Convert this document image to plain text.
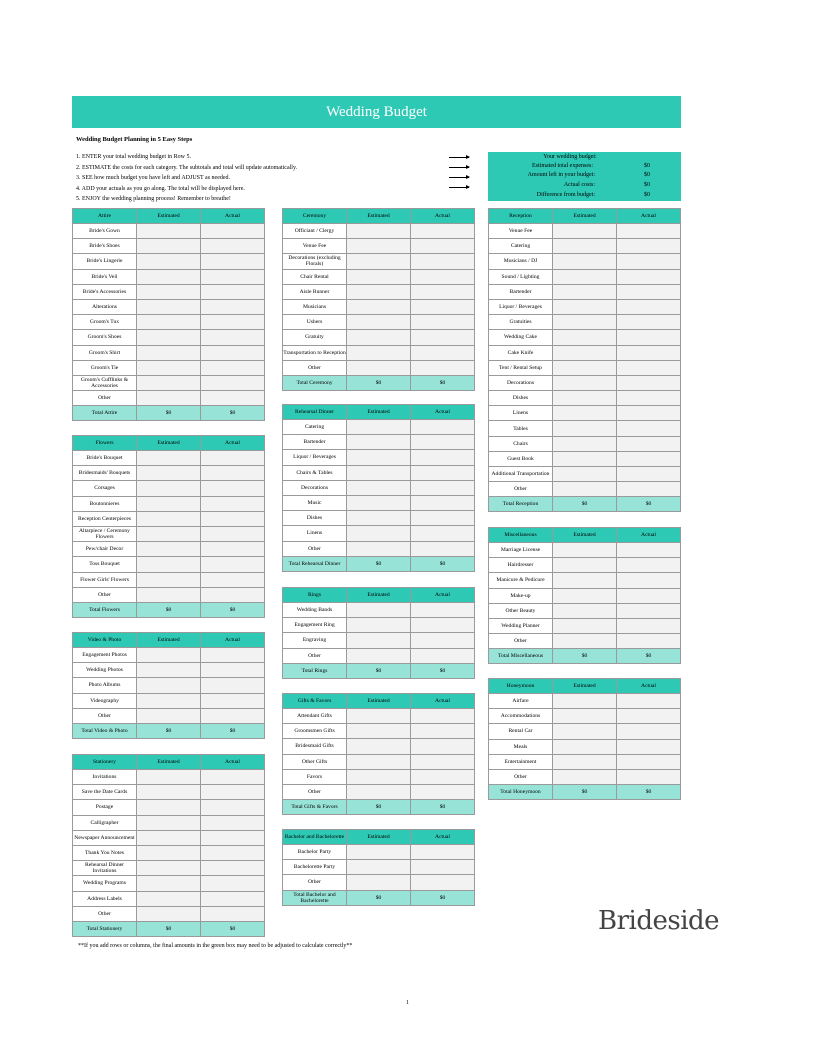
Wedding Budget
Wedding Budget Planning in 5 Easy Steps
1. ENTER your total wedding budget in Row 5.
2. ESTIMATE the costs for each category. The subtotals and total will update automatically.
3. SEE how much budget you have left and ADJUST as needed.
4. ADD your actuals as you go along. The total will be displayed here.
5. ENJOY the wedding planning process! Remember to breathe!
Your wedding budget:
Estimated total expenses:	$0
Amount left in your budget:	$0
Actual costs:	$0
Difference from budget:	$0
Attire	Estimated	Actual
Bride's Gown		
Bride's Shoes		
Bride's Lingerie		
Bride's Veil		
Bride's Accessories		
Alterations		
Groom's Tux		
Groom's Shoes		
Groom's Shirt		
Groom's Tie		
Groom's Cufflinks & Accessories		
Other		
Total Attire	$0	$0
Flowers	Estimated	Actual
Bride's Bouquet		
Bridesmaids' Bouquets		
Corsages		
Boutonnieres		
Reception Centerpieces		
Altarpiece / Ceremony Flowers		
Pew/chair Decor		
Toss Bouquet		
Flower Girls' Flowers		
Other		
Total Flowers	$0	$0
Video & Photo	Estimated	Actual
Engagement Photos		
Wedding Photos		
Photo Albums		
Videography		
Other		
Total Video & Photo	$0	$0
Stationery	Estimated	Actual
Invitations		
Save the Date Cards		
Postage		
Calligrapher		
Newspaper Announcement		
Thank You Notes		
Rehearsal Dinner Invitations		
Wedding Programs		
Address Labels		
Other		
Total Stationery	$0	$0
Ceremony	Estimated	Actual
Officiant / Clergy		
Venue Fee		
Decorations (excluding Florals)		
Chair Rental		
Aisle Runner		
Musicians		
Ushers		
Gratuity		
Transportation to Reception		
Other		
Total Ceremony	$0	$0
Rehearsal Dinner	Estimated	Actual
Catering		
Bartender		
Liquor / Beverages		
Chairs & Tables		
Decorations		
Music		
Dishes		
Linens		
Other		
Total Rehearsal Dinner	$0	$0
Rings	Estimated	Actual
Wedding Bands		
Engagement Ring		
Engraving		
Other		
Total Rings	$0	$0
Gifts & Favors	Estimated	Actual
Attendant Gifts		
Groomsmen Gifts		
Bridesmaid Gifts		
Other Gifts		
Favors		
Other		
Total Gifts & Favors	$0	$0
Bachelor and Bachelorette	Estimated	Actual
Bachelor Party		
Bachelorette Party		
Other		
Total Bachelor and Bachelorette	$0	$0
Reception	Estimated	Actual
Venue Fee		
Catering		
Musicians / DJ		
Sound / Lighting		
Bartender		
Liquor / Beverages		
Gratuities		
Wedding Cake		
Cake Knife		
Tent / Rental Setup		
Decorations		
Dishes		
Linens		
Tables		
Chairs		
Guest Book		
Additional Transportation		
Other		
Total Reception	$0	$0
Miscellaneous	Estimated	Actual
Marriage License		
Hairdresser		
Manicure & Pedicure		
Make-up		
Other Beauty		
Wedding Planner		
Other		
Total Miscellaneous	$0	$0
Honeymoon	Estimated	Actual
Airfare		
Accommodations		
Rental Car		
Meals		
Entertainment		
Other		
Total Honeymoon	$0	$0
**If you add rows or columns, the final amounts in the green box may need to be adjusted to calculate correctly**
Brideside
1
